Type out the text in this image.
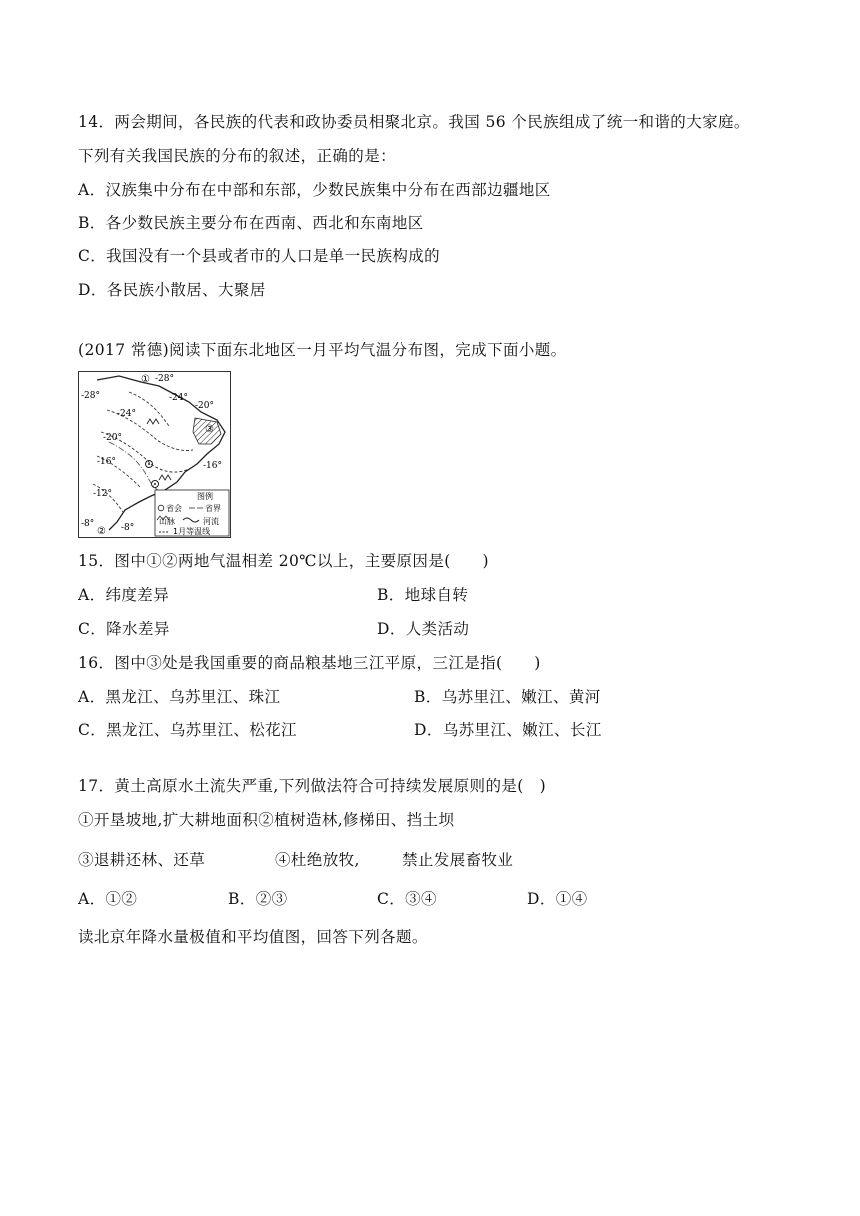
14．两会期间，各民族的代表和政协委员相聚北京。我国 56 个民族组成了统一和谐的大家庭。
下列有关我国民族的分布的叙述，正确的是：
A．汉族集中分布在中部和东部，少数民族集中分布在西部边疆地区
B．各少数民族主要分布在西南、西北和东南地区
C．我国没有一个县或者市的人口是单一民族构成的
D．各民族小散居、大聚居
(2017 常德)阅读下面东北地区一月平均气温分布图，完成下面小题。
-28°
-28°	-24°
-24°
-20°
-20°
-16°	-16°
-12°
-8°	-8°
①
②
③
图例
省会	省界
山脉	河流
1月等温线
15．图中①②两地气温相差 20℃以上，主要原因是(　　)
A．纬度差异	B．地球自转
C．降水差异	D．人类活动
16．图中③处是我国重要的商品粮基地三江平原，三江是指(　　)
A．黑龙江、乌苏里江、珠江	B．乌苏里江、嫩江、黄河
C．黑龙江、乌苏里江、松花江	D．乌苏里江、嫩江、长江
17．黄土高原水土流失严重,下列做法符合可持续发展原则的是(　)
①开垦坡地,扩大耕地面积②植树造林,修梯田、挡土坝
③退耕还林、还草	④杜绝放牧,	禁止发展畜牧业
A．①②	B．②③	C．③④	D．①④
读北京年降水量极值和平均值图，回答下列各题。
